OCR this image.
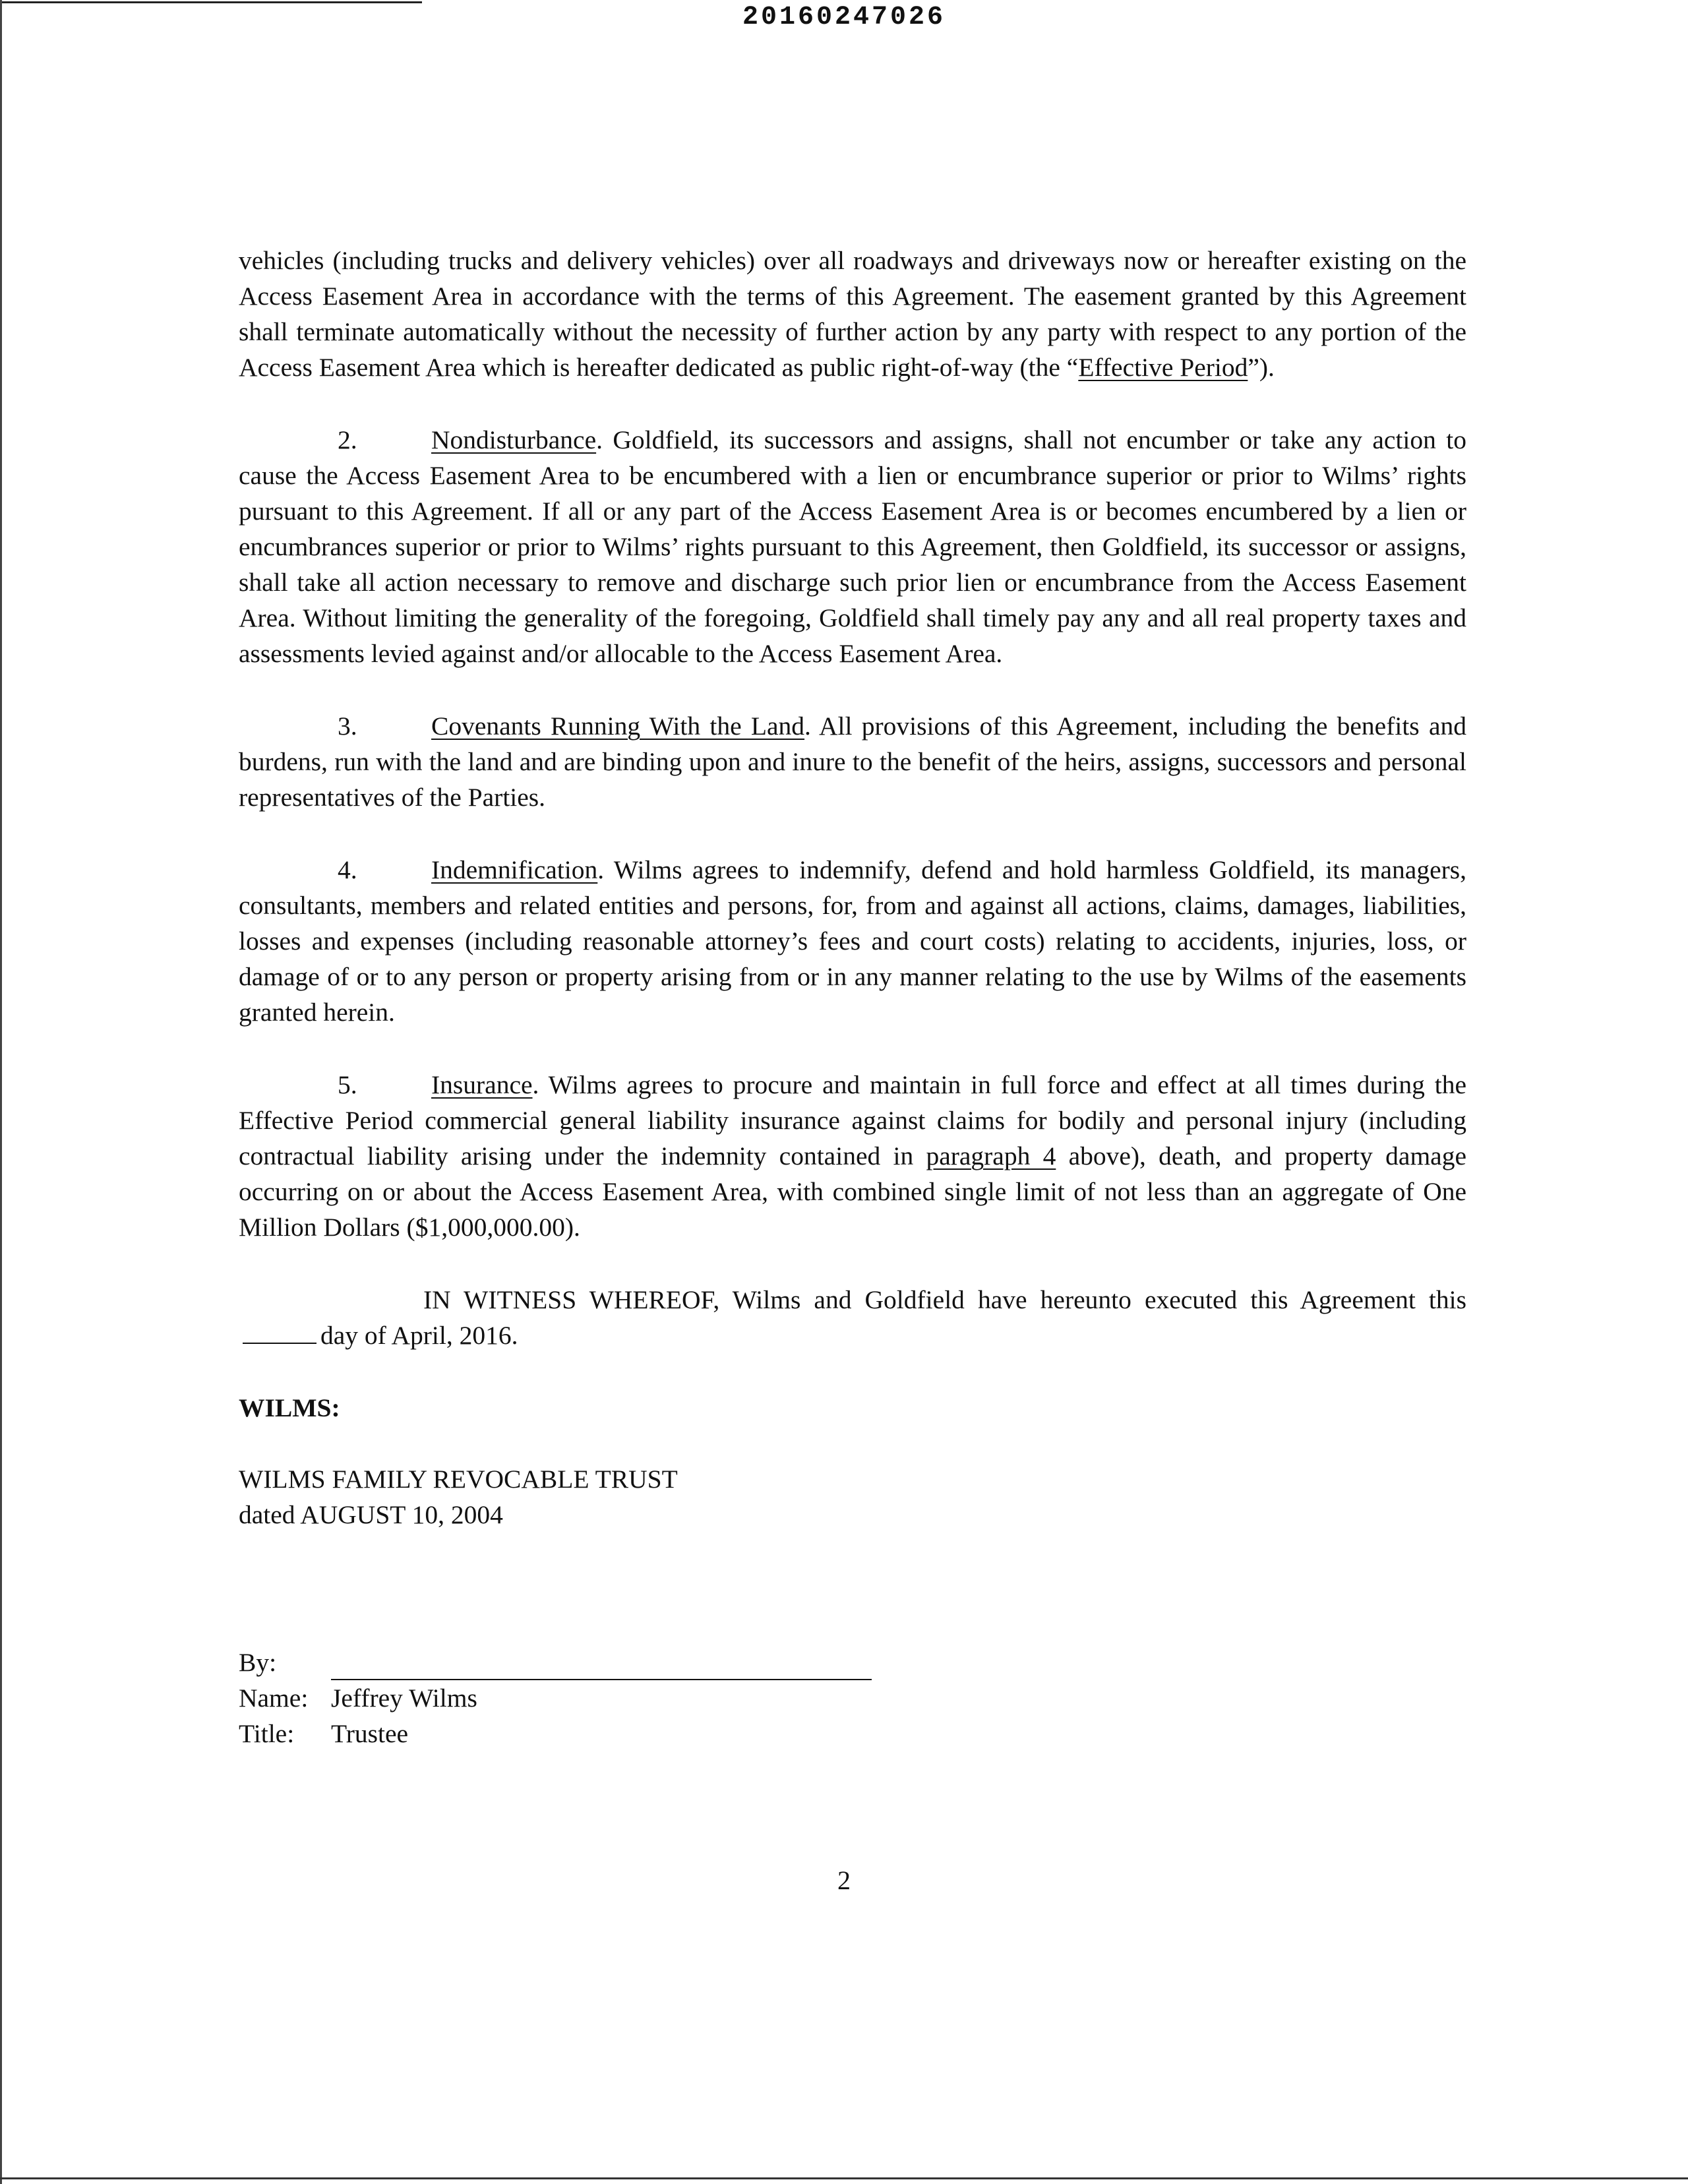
20160247026

vehicles (including trucks and delivery vehicles) over all roadways and driveways now or hereafter existing on the Access Easement Area in accordance with the terms of this Agreement. The easement granted by this Agreement shall terminate automatically without the necessity of further action by any party with respect to any portion of the Access Easement Area which is hereafter dedicated as public right-of-way (the “Effective Period”).

2.	Nondisturbance. Goldfield, its successors and assigns, shall not encumber or take any action to cause the Access Easement Area to be encumbered with a lien or encumbrance superior or prior to Wilms’ rights pursuant to this Agreement. If all or any part of the Access Easement Area is or becomes encumbered by a lien or encumbrances superior or prior to Wilms’ rights pursuant to this Agreement, then Goldfield, its successor or assigns, shall take all action necessary to remove and discharge such prior lien or encumbrance from the Access Easement Area. Without limiting the generality of the foregoing, Goldfield shall timely pay any and all real property taxes and assessments levied against and/or allocable to the Access Easement Area.

3.	Covenants Running With the Land. All provisions of this Agreement, including the benefits and burdens, run with the land and are binding upon and inure to the benefit of the heirs, assigns, successors and personal representatives of the Parties.

4.	Indemnification. Wilms agrees to indemnify, defend and hold harmless Goldfield, its managers, consultants, members and related entities and persons, for, from and against all actions, claims, damages, liabilities, losses and expenses (including reasonable attorney’s fees and court costs) relating to accidents, injuries, loss, or damage of or to any person or property arising from or in any manner relating to the use by Wilms of the easements granted herein.

5.	Insurance. Wilms agrees to procure and maintain in full force and effect at all times during the Effective Period commercial general liability insurance against claims for bodily and personal injury (including contractual liability arising under the indemnity contained in paragraph 4 above), death, and property damage occurring on or about the Access Easement Area, with combined single limit of not less than an aggregate of One Million Dollars ($1,000,000.00).

IN WITNESS WHEREOF, Wilms and Goldfield have hereunto executed this Agreement thisday of April, 2016.

WILMS:
WILMS FAMILY REVOCABLE TRUST
dated AUGUST 10, 2004
By:
Name: Jeffrey Wilms
Title: Trustee
2
